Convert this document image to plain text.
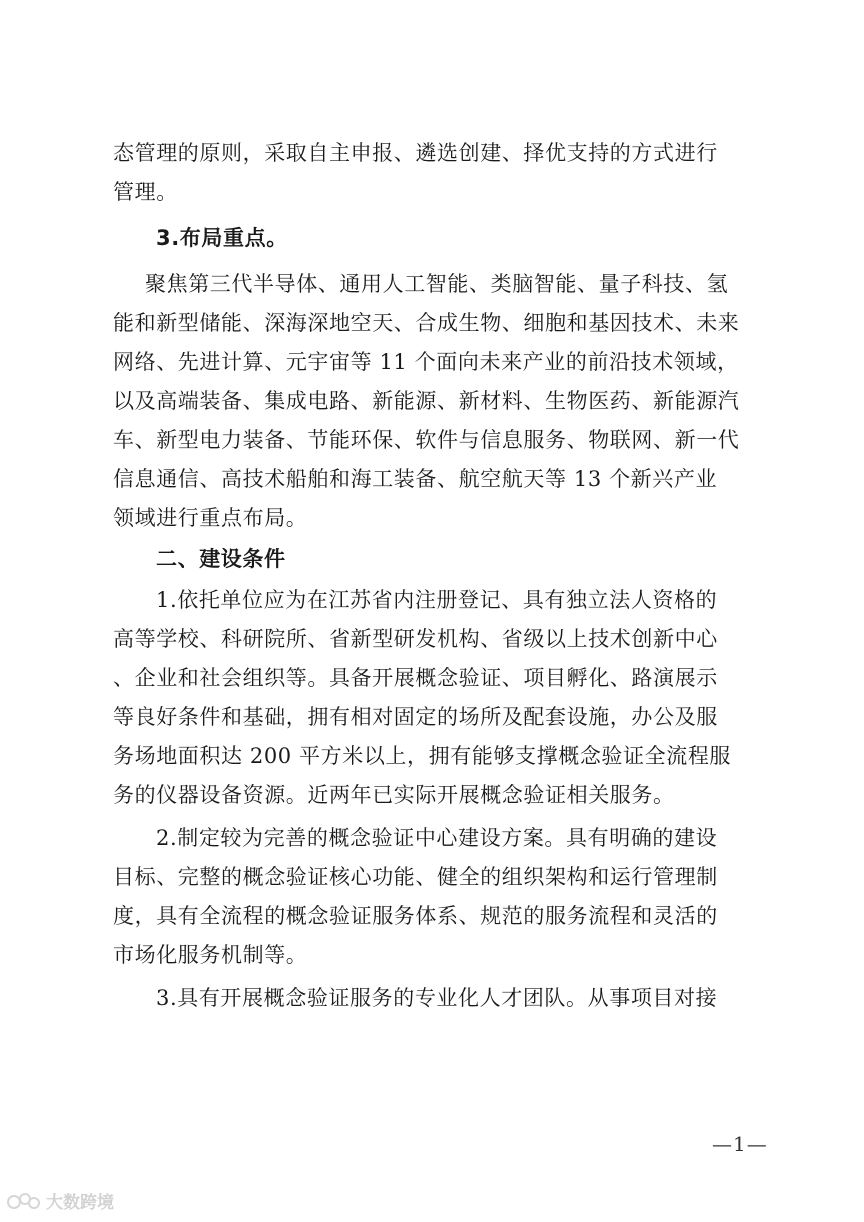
态管理的原则，采取自主申报、遴选创建、择优支持的方式进行
管理。

3.布局重点。

聚焦第三代半导体、通用人工智能、类脑智能、量子科技、氢
能和新型储能、深海深地空天、合成生物、细胞和基因技术、未来
网络、先进计算、元宇宙等 11 个面向未来产业的前沿技术领域，
以及高端装备、集成电路、新能源、新材料、生物医药、新能源汽
车、新型电力装备、节能环保、软件与信息服务、物联网、新一代
信息通信、高技术船舶和海工装备、航空航天等 13 个新兴产业
领域进行重点布局。

二、建设条件

1.依托单位应为在江苏省内注册登记、具有独立法人资格的
高等学校、科研院所、省新型研发机构、省级以上技术创新中心
、企业和社会组织等。具备开展概念验证、项目孵化、路演展示
等良好条件和基础，拥有相对固定的场所及配套设施，办公及服
务场地面积达 200 平方米以上，拥有能够支撑概念验证全流程服
务的仪器设备资源。近两年已实际开展概念验证相关服务。

2.制定较为完善的概念验证中心建设方案。具有明确的建设
目标、完整的概念验证核心功能、健全的组织架构和运行管理制
度，具有全流程的概念验证服务体系、规范的服务流程和灵活的
市场化服务机制等。

3.具有开展概念验证服务的专业化人才团队。从事项目对接

—1—
大数跨境
